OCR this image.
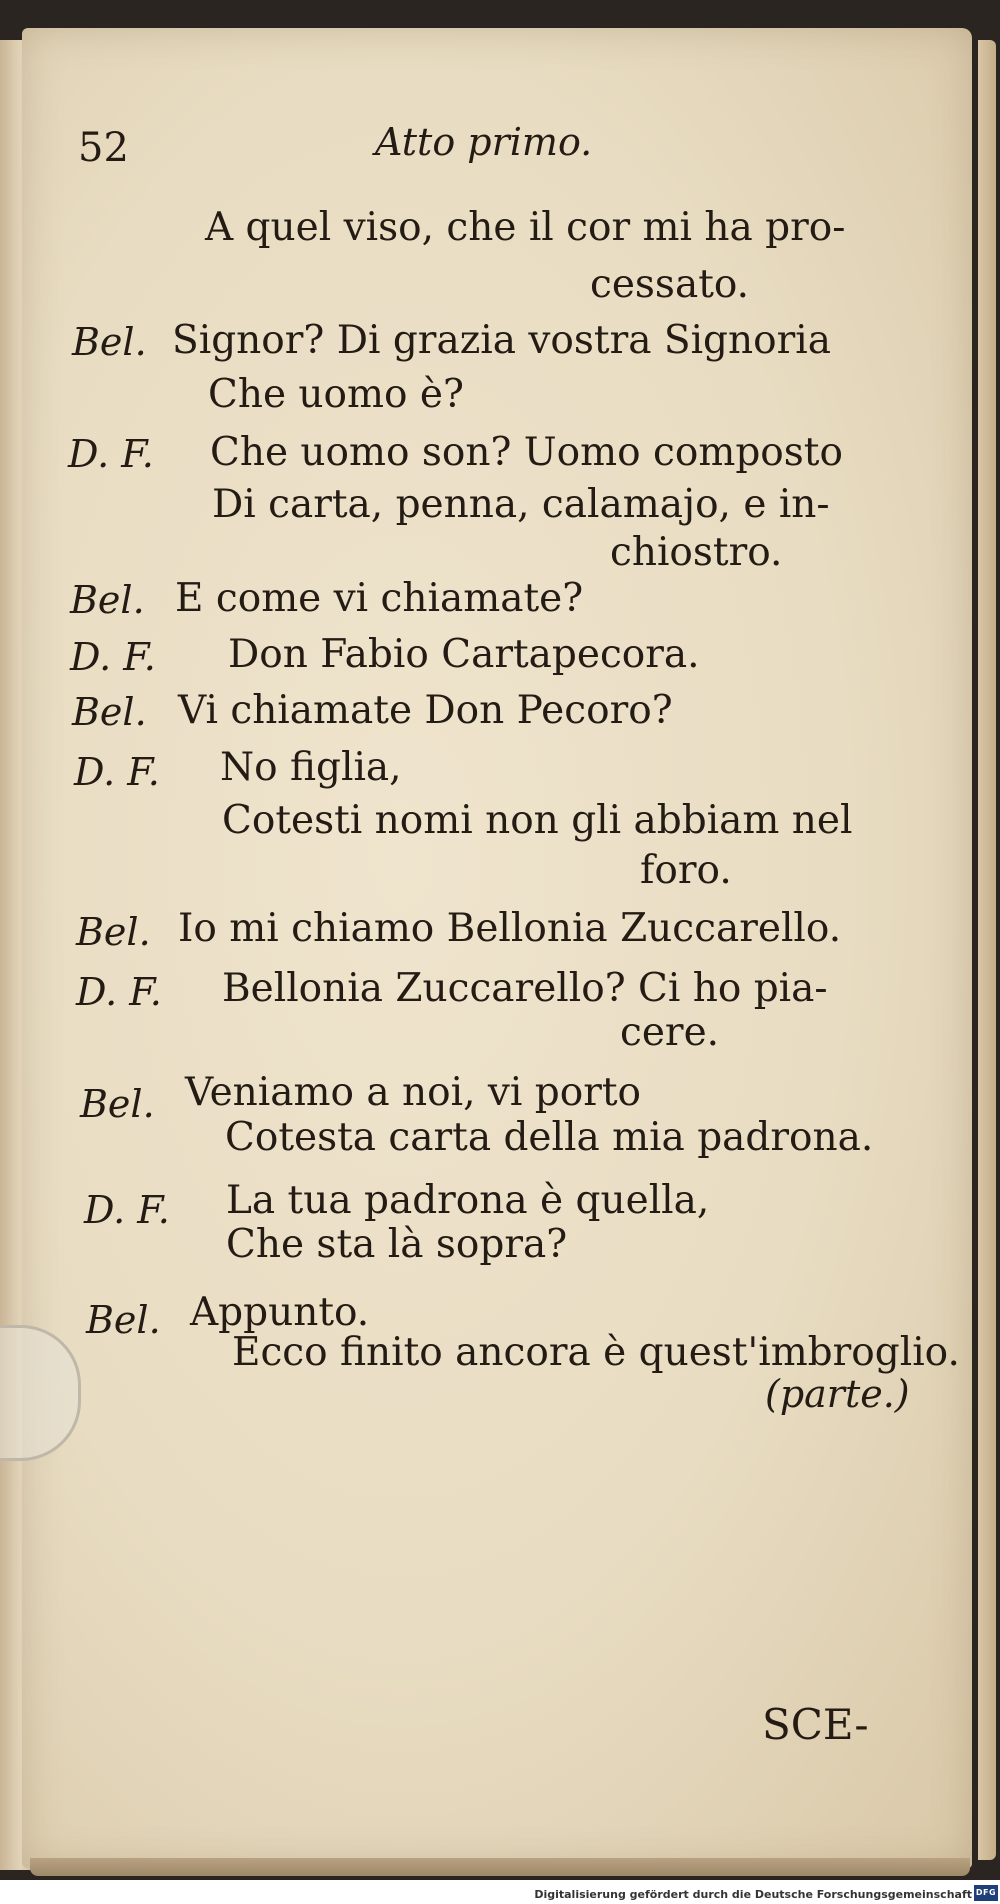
52	Atto primo.
A quel viso, che il cor mi ha pro-
cessato.
Bel. Signor? Di grazia vostra Signoria
Che uomo è?
D. F. Che uomo son? Uomo composto
Di carta, penna, calamajo, e in-
chiostro.
Bel. E come vi chiamate?
D. F. Don Fabio Cartapecora.
Bel. Vi chiamate Don Pecoro?
D. F. No figlia,
Cotesti nomi non gli abbiam nel
foro.
Bel. Io mi chiamo Bellonia Zuccarello.
D. F. Bellonia Zuccarello? Ci ho pia-
cere.
Bel. Veniamo a noi, vi porto
Cotesta carta della mia padrona.
D. F. La tua padrona è quella,
Che sta là sopra?
Bel. Appunto.
Ecco finito ancora è quest'imbroglio.
(parte.)
SCE-
Digitalisierung gefördert durch die Deutsche Forschungsgemeinschaft DFG
